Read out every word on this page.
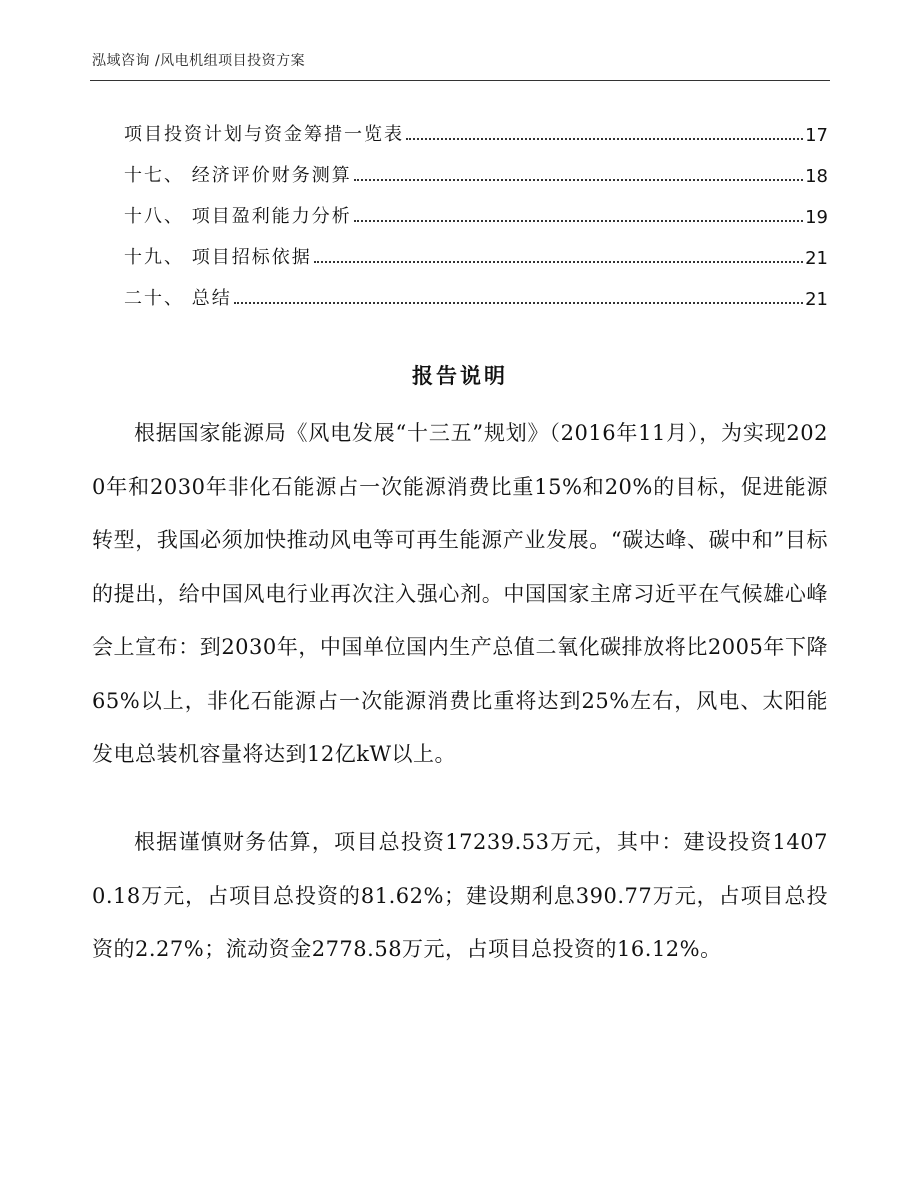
泓域咨询 /风电机组项目投资方案
项目投资计划与资金筹措一览表	17
十七、 经济评价财务测算	18
十八、 项目盈利能力分析	19
十九、 项目招标依据	21
二十、 总结	21
报告说明

根据国家能源局《风电发展“十三五”规划》（2016年11月），为实现2020年和2030年非化石能源占一次能源消费比重15%和20%的目标，促进能源转型，我国必须加快推动风电等可再生能源产业发展。“碳达峰、碳中和”目标的提出，给中国风电行业再次注入强心剂。中国国家主席习近平在气候雄心峰会上宣布：到2030年，中国单位国内生产总值二氧化碳排放将比2005年下降65%以上，非化石能源占一次能源消费比重将达到25%左右，风电、太阳能发电总装机容量将达到12亿kW以上。

根据谨慎财务估算，项目总投资17239.53万元，其中：建设投资14070.18万元，占项目总投资的81.62%；建设期利息390.77万元，占项目总投资的2.27%；流动资金2778.58万元，占项目总投资的16.12%。
